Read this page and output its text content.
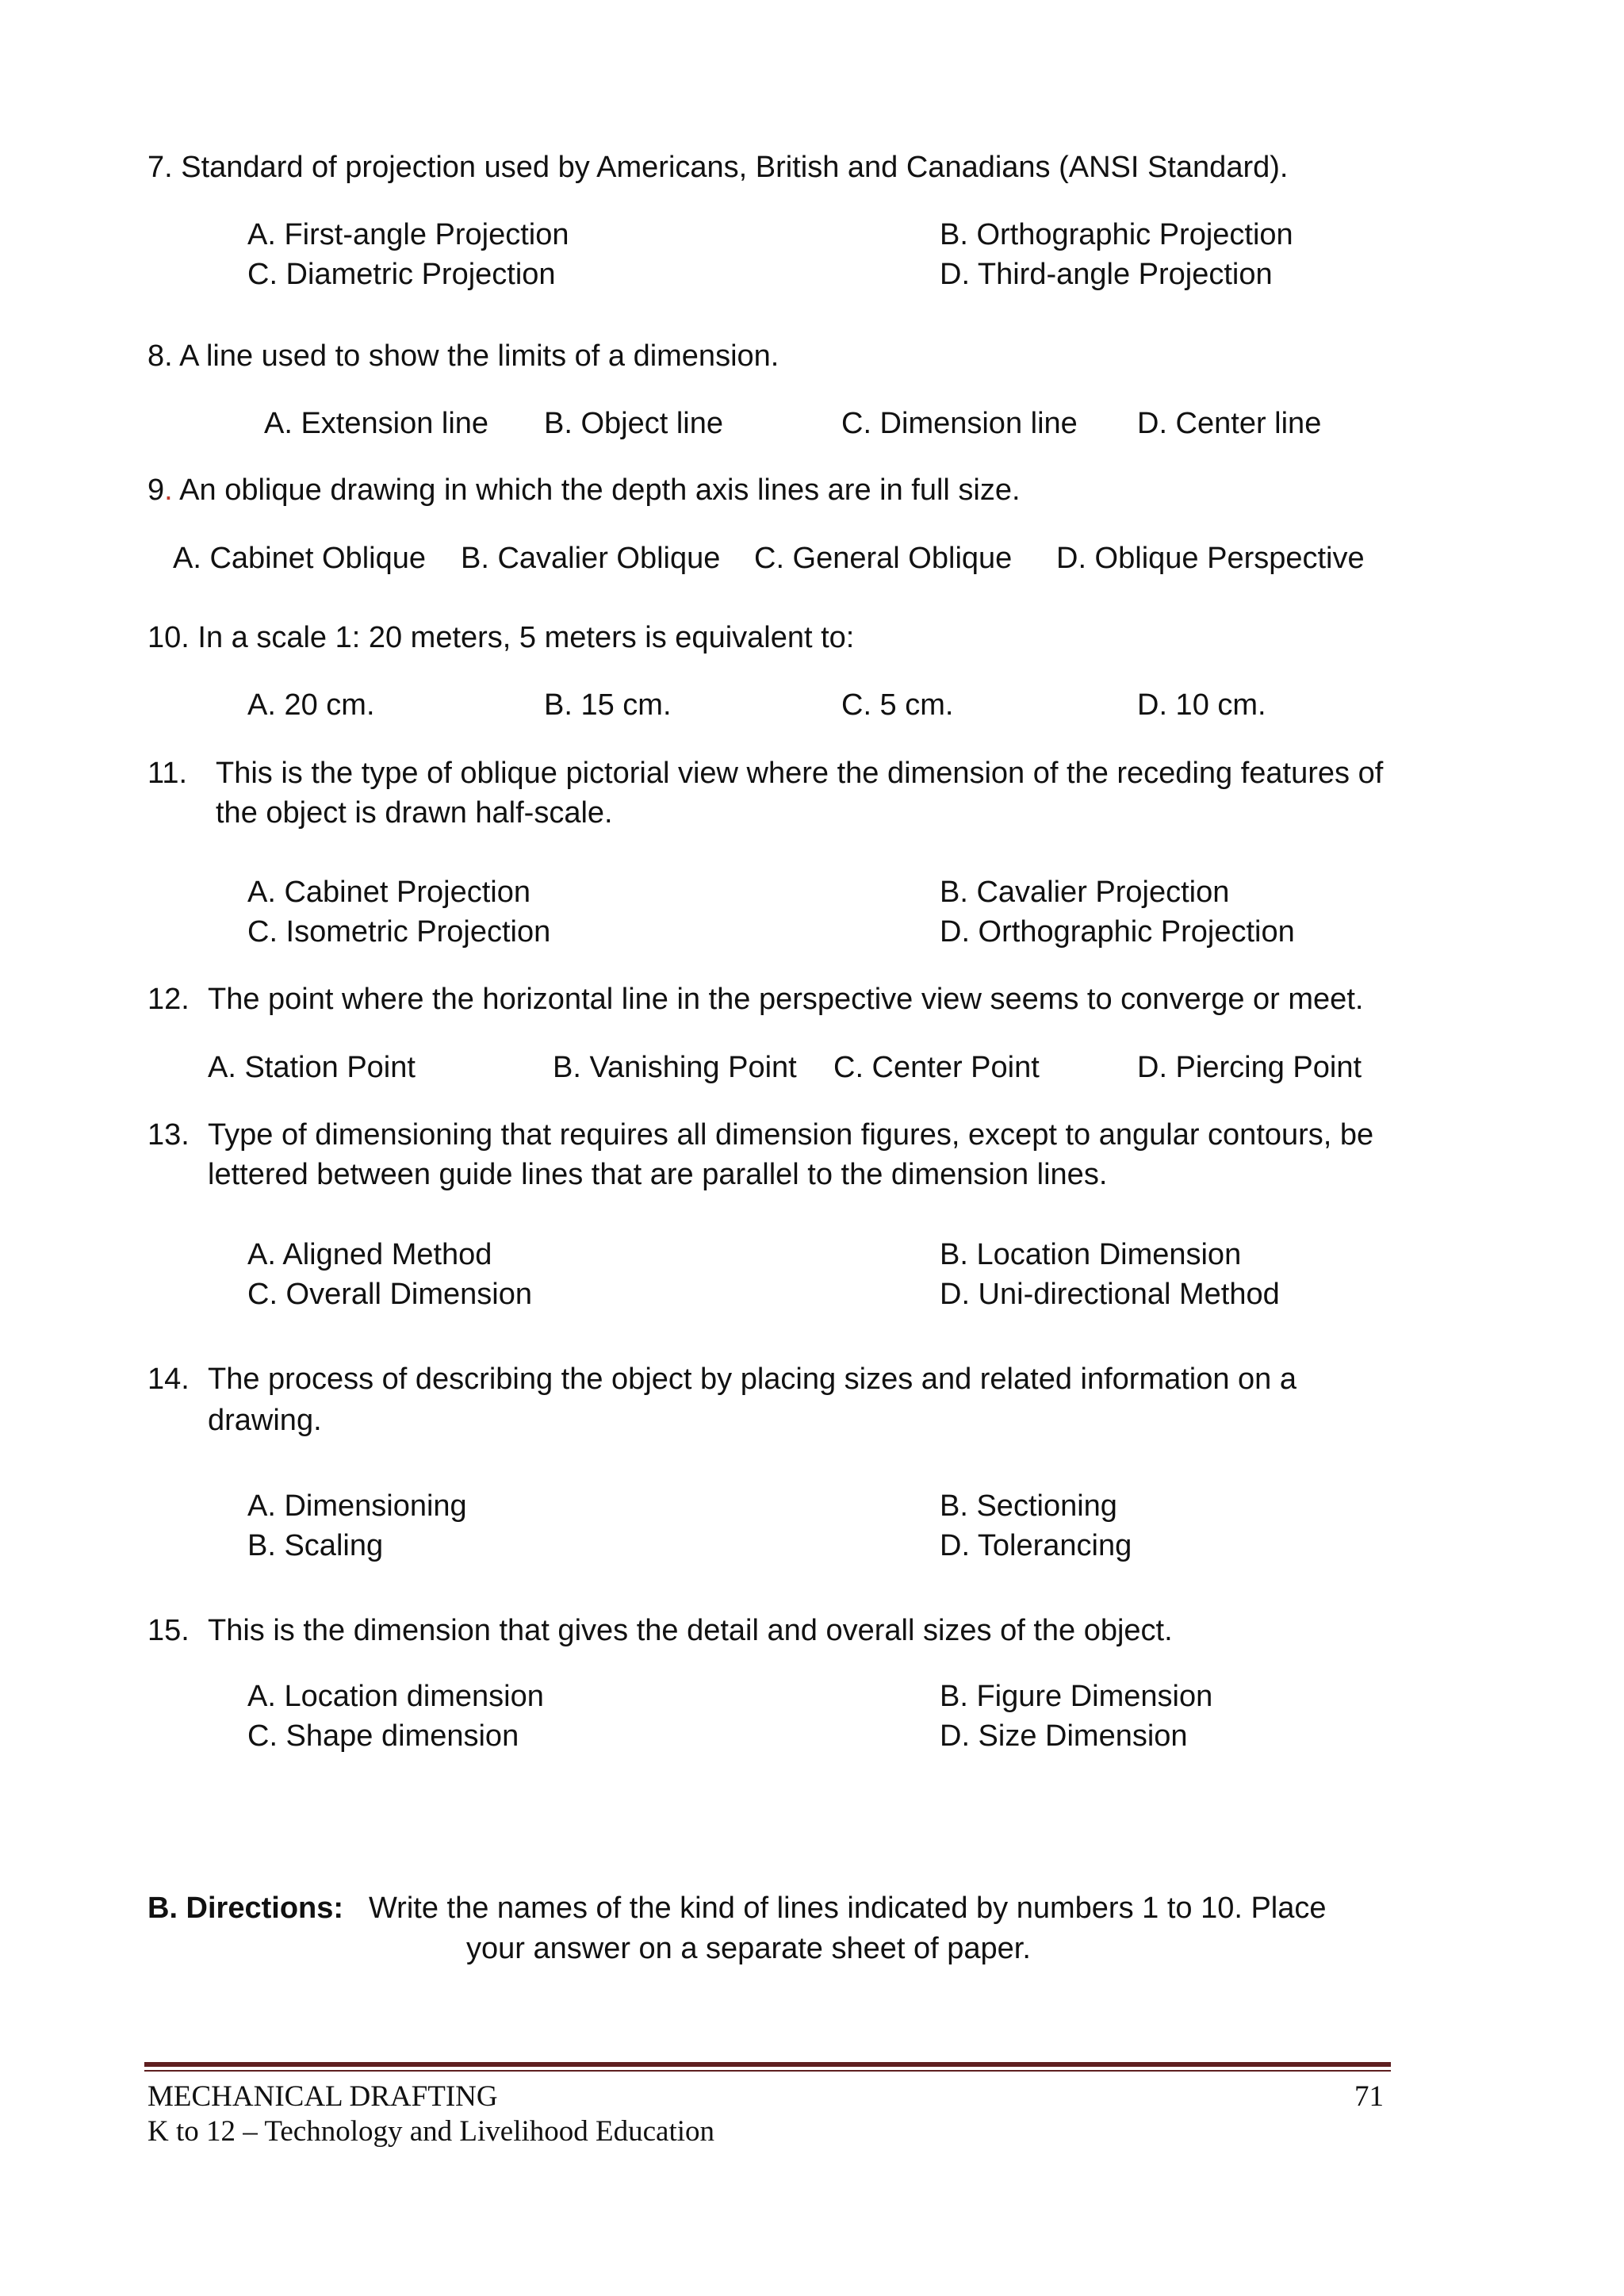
7. Standard of projection used by Americans, British and Canadians (ANSI Standard).
A. First-angle Projection	B. Orthographic Projection
C. Diametric Projection	D. Third-angle Projection
8. A line used to show the limits of a dimension.
A. Extension line B. Object line	C. Dimension line D. Center line
9. An oblique drawing in which the depth axis lines are in full size.
A. Cabinet Oblique B. Cavalier Oblique C. General Oblique D. Oblique Perspective
10. In a scale 1: 20 meters, 5 meters is equivalent to:
A. 20 cm.	B. 15 cm.	C. 5 cm.	D. 10 cm.
11. This is the type of oblique pictorial view where the dimension of the receding features of
the object is drawn half-scale.
A. Cabinet Projection	B. Cavalier Projection
C. Isometric Projection	D. Orthographic Projection
12. The point where the horizontal line in the perspective view seems to converge or meet.
A. Station Point	B. Vanishing Point C. Center Point	D. Piercing Point
13. Type of dimensioning that requires all dimension figures, except to angular contours, be
lettered between guide lines that are parallel to the dimension lines.
A. Aligned Method	B. Location Dimension
C. Overall Dimension	D. Uni-directional Method
14. The process of describing the object by placing sizes and related information on a
drawing.
A. Dimensioning	B. Sectioning
B. Scaling	D. Tolerancing
15. This is the dimension that gives the detail and overall sizes of the object.
A. Location dimension	B. Figure Dimension
C. Shape dimension	D. Size Dimension
B. Directions: Write the names of the kind of lines indicated by numbers 1 to 10. Place
your answer on a separate sheet of paper.
MECHANICAL DRAFTING	71
K to 12 – Technology and Livelihood Education
